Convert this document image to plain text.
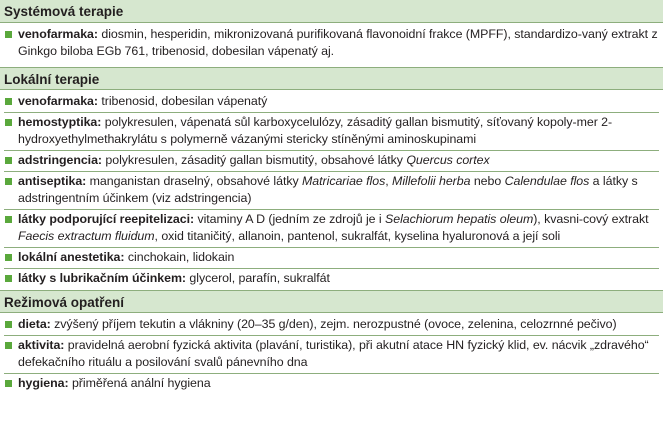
Systémová terapie
venofarmaka: diosmin, hesperidin, mikronizovaná purifikovaná flavonoidní frakce (MPFF), standardizo-vaný extrakt z Ginkgo biloba EGb 761, tribenosid, dobesilan vápenatý aj.
Lokální terapie
venofarmaka: tribenosid, dobesilan vápenatý
hemostyptika: polykresulen, vápenatá sůl karboxycelulózy, zásaditý gallan bismutitý, síťovaný kopoly-mer 2-hydroxyethylmethakrylátu s polymerně vázanými stericky stíněnými aminoskupinami
adstringencia: polykresulen, zásaditý gallan bismutitý, obsahové látky Quercus cortex
antiseptika: manganistan draselný, obsahové látky Matricariae flos, Millefolii herba nebo Calendulae flos a látky s adstringentním účinkem (viz adstringencia)
látky podporující reepitelizaci: vitaminy A D (jedním ze zdrojů je i Selachiorum hepatis oleum), kvasni-cový extrakt Faecis extractum fluidum, oxid titaničitý, allanoin, pantenol, sukralfát, kyselina hyaluronová a její soli
lokální anestetika: cinchokain, lidokain
látky s lubrikačním účinkem: glycerol, parafín, sukralfát
Režimová opatření
dieta: zvýšený příjem tekutin a vlákniny (20–35 g/den), zejm. nerozpustné (ovoce, zelenina, celozrnné pečivo)
aktivita: pravidelná aerobní fyzická aktivita (plavání, turistika), při akutní atace HN fyzický klid, ev. nácvik „zdravého“ defekačního rituálu a posilování svalů pánevního dna
hygiena: přiměřená anální hygiena
